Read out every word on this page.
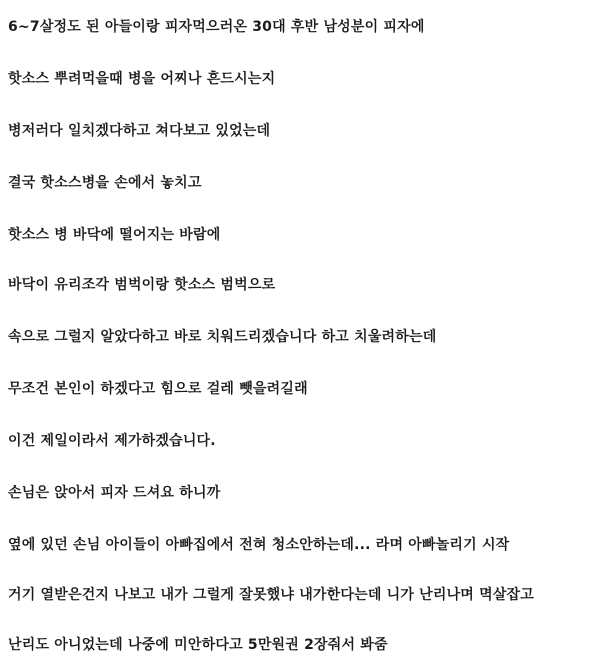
6~7살정도 된 아들이랑 피자먹으러온 30대 후반 남성분이 피자에
핫소스 뿌려먹을때 병을 어찌나 흔드시는지
병저러다 일치겠다하고 쳐다보고 있었는데
결국 핫소스병을 손에서 놓치고
핫소스 병 바닥에 떨어지는 바람에
바닥이 유리조각 범벅이랑 핫소스 범벅으로
속으로 그럴지 알았다하고 바로 치워드리겠습니다 하고 치울려하는데
무조건 본인이 하겠다고 힘으로 걸레 뺏을려길래
이건 제일이라서 제가하겠습니다.
손님은 앉아서 피자 드셔요 하니까
옆에 있던 손님 아이들이 아빠집에서 전혀 청소안하는데... 라며 아빠놀리기 시작
거기 열받은건지 나보고 내가 그럴게 잘못했냐 내가한다는데 니가 난리나며 멱살잡고
난리도 아니었는데 나중에 미안하다고 5만원권 2장줘서 봐줌
